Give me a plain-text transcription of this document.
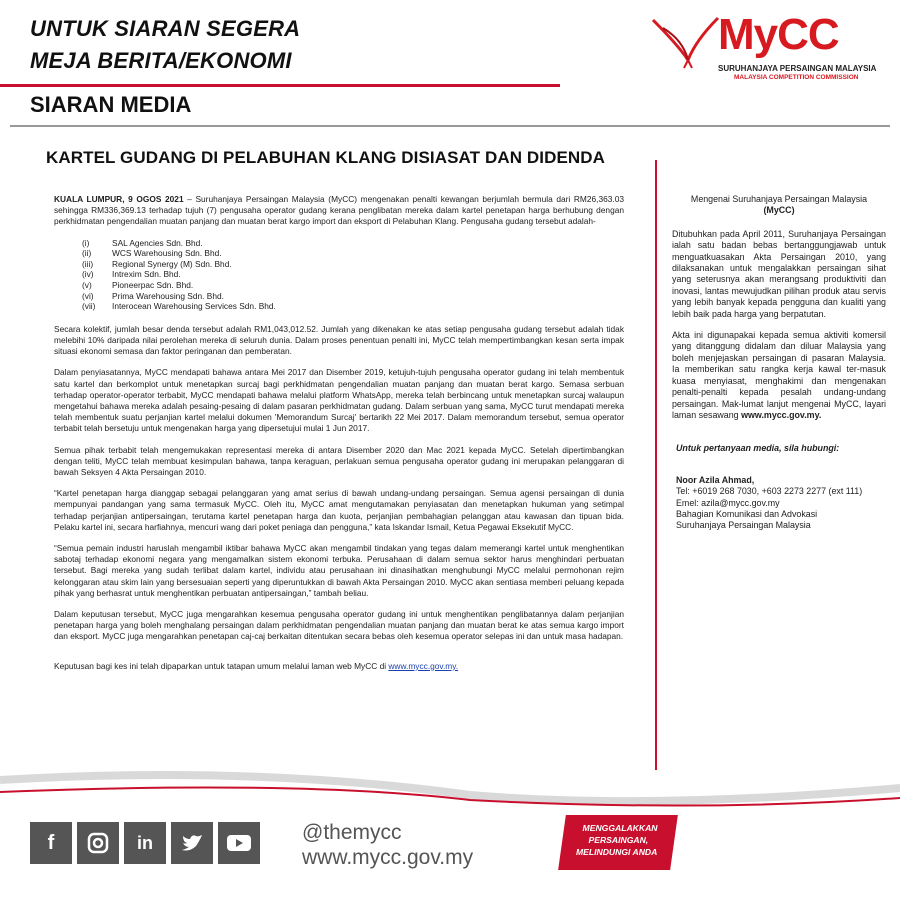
UNTUK SIARAN SEGERA
MEJA BERITA/EKONOMI
SIARAN MEDIA
MyCC
SURUHANJAYA PERSAINGAN MALAYSIA
MALAYSIA COMPETITION COMMISSION
KARTEL GUDANG DI PELABUHAN KLANG DISIASAT DAN DIDENDA

KUALA LUMPUR, 9 OGOS 2021 – Suruhanjaya Persaingan Malaysia (MyCC) mengenakan penalti kewangan berjumlah bermula dari RM26,363.03 sehingga RM336,369.13 terhadap tujuh (7) pengusaha operator gudang kerana penglibatan mereka dalam kartel penetapan harga berhubung dengan perkhidmatan pengendalian muatan panjang dan muatan berat kargo import dan eksport di Pelabuhan Klang. Pengusaha gudang tersebut adalah-

(i)	SAL Agencies Sdn. Bhd.
(ii)	WCS Warehousing Sdn. Bhd.
(iii)	Regional Synergy (M) Sdn. Bhd.
(iv)	Intrexim Sdn. Bhd.
(v)	Pioneerpac Sdn. Bhd.
(vi)	Prima Warehousing Sdn. Bhd.
(vii)	Interocean Warehousing Services Sdn. Bhd.

Secara kolektif, jumlah besar denda tersebut adalah RM1,043,012.52. Jumlah yang dikenakan ke atas setiap pengusaha gudang tersebut adalah tidak melebihi 10% daripada nilai perolehan mereka di seluruh dunia. Dalam proses penentuan penalti ini, MyCC telah mempertimbangkan kesan serta impak situasi ekonomi semasa dan faktor peringanan dan pemberatan.

Dalam penyiasatannya, MyCC mendapati bahawa antara Mei 2017 dan Disember 2019, ketujuh-tujuh pengusaha operator gudang ini telah membentuk satu kartel dan berkomplot untuk menetapkan surcaj bagi perkhidmatan pengendalian muatan panjang dan muatan berat kargo. Semasa serbuan terhadap operator-operator terbabit, MyCC mendapati bahawa melalui platform WhatsApp, mereka telah berbincang untuk menetapkan surcaj walaupun mengetahui bahawa mereka adalah pesaing-pesaing di dalam pasaran perkhidmatan gudang. Dalam serbuan yang sama, MyCC turut mendapati mereka telah membentuk suatu perjanjian kartel melalui dokumen 'Memorandum Surcaj' bertarikh 22 Mei 2017. Dalam memorandum tersebut, semua operator terbabit telah bersetuju untuk mengenakan harga yang dipersetujui mulai 1 Jun 2017.

Semua pihak terbabit telah mengemukakan representasi mereka di antara Disember 2020 dan Mac 2021 kepada MyCC. Setelah dipertimbangkan dengan teliti, MyCC telah membuat kesimpulan bahawa, tanpa keraguan, perlakuan semua pengusaha operator gudang ini merupakan pelanggaran di bawah Seksyen 4 Akta Persaingan 2010.

“Kartel penetapan harga dianggap sebagai pelanggaran yang amat serius di bawah undang-undang persaingan. Semua agensi persaingan di dunia mempunyai pandangan yang sama termasuk MyCC. Oleh itu, MyCC amat mengutamakan penyiasatan dan menetapkan hukuman yang setimpal terhadap perjanjian antipersaingan, terutama kartel penetapan harga dan kuota, perjanjian pembahagian pelanggan atau kawasan dan tipuan bida. Pelaku kartel ini, secara harfiahnya, mencuri wang dari poket peniaga dan pengguna,” kata Iskandar Ismail, Ketua Pegawai Eksekutif MyCC.

“Semua pemain industri haruslah mengambil iktibar bahawa MyCC akan mengambil tindakan yang tegas dalam memerangi kartel untuk menghentikan sabotaj terhadap ekonomi negara yang mengamalkan sistem ekonomi terbuka. Perusahaan di dalam semua sektor harus menghindari perbuatan tersebut. Bagi mereka yang sudah terlibat dalam kartel, individu atau perusahaan ini dinasihatkan menghubungi MyCC melalui permohonan rejim kelonggaran atau skim lain yang bersesuaian seperti yang diperuntukkan di bawah Akta Persaingan 2010. MyCC akan sentiasa memberi peluang kepada pihak yang berhasrat untuk menghentikan perbuatan antipersaingan,” tambah beliau.

Dalam keputusan tersebut, MyCC juga mengarahkan kesemua pengusaha operator gudang ini untuk menghentikan penglibatannya dalam perjanjian penetapan harga yang boleh menghalang persaingan dalam perkhidmatan pengendalian muatan panjang dan muatan berat ke atas semua kargo import dan eksport. MyCC juga mengarahkan penetapan caj-caj berkaitan ditentukan secara bebas oleh kesemua operator selepas ini dan untuk masa hadapan.

Keputusan bagi kes ini telah dipaparkan untuk tatapan umum melalui laman web MyCC di www.mycc.gov.my.

Mengenai Suruhanjaya Persaingan Malaysia
(MyCC)

Ditubuhkan pada April 2011, Suruhanjaya Persaingan ialah satu badan bebas bertanggungjawab untuk menguatkuasakan Akta Persaingan 2010, yang dilaksanakan untuk mengalakkan persaingan sihat yang seterusnya akan merangsang produktiviti dan inovasi, lantas mewujudkan pilihan produk atau servis yang lebih banyak kepada pengguna dan kualiti yang lebih baik pada harga yang berpatutan.

Akta ini digunapakai kepada semua aktiviti komersil yang ditanggung didalam dan diluar Malaysia yang boleh menjejaskan persaingan di pasaran Malaysia. Ia memberikan satu rangka kerja kawal ter-masuk kuasa menyiasat, menghakimi dan mengenakan penalti-penalti kepada pesalah undang-undang persaingan. Mak-lumat lanjut mengenai MyCC, layari laman sesawang www.mycc.gov.my.

Untuk pertanyaan media, sila hubungi:
Noor Azila Ahmad,
Tel: +6019 268 7030, +603 2273 2277 (ext 111)
Emel: azila@mycc.gov.my
Bahagian Komunikasi dan Advokasi
Suruhanjaya Persaingan Malaysia
f	in	@themycc
www.mycc.gov.my
MENGGALAKKAN
PERSAINGAN,
MELINDUNGI ANDA
